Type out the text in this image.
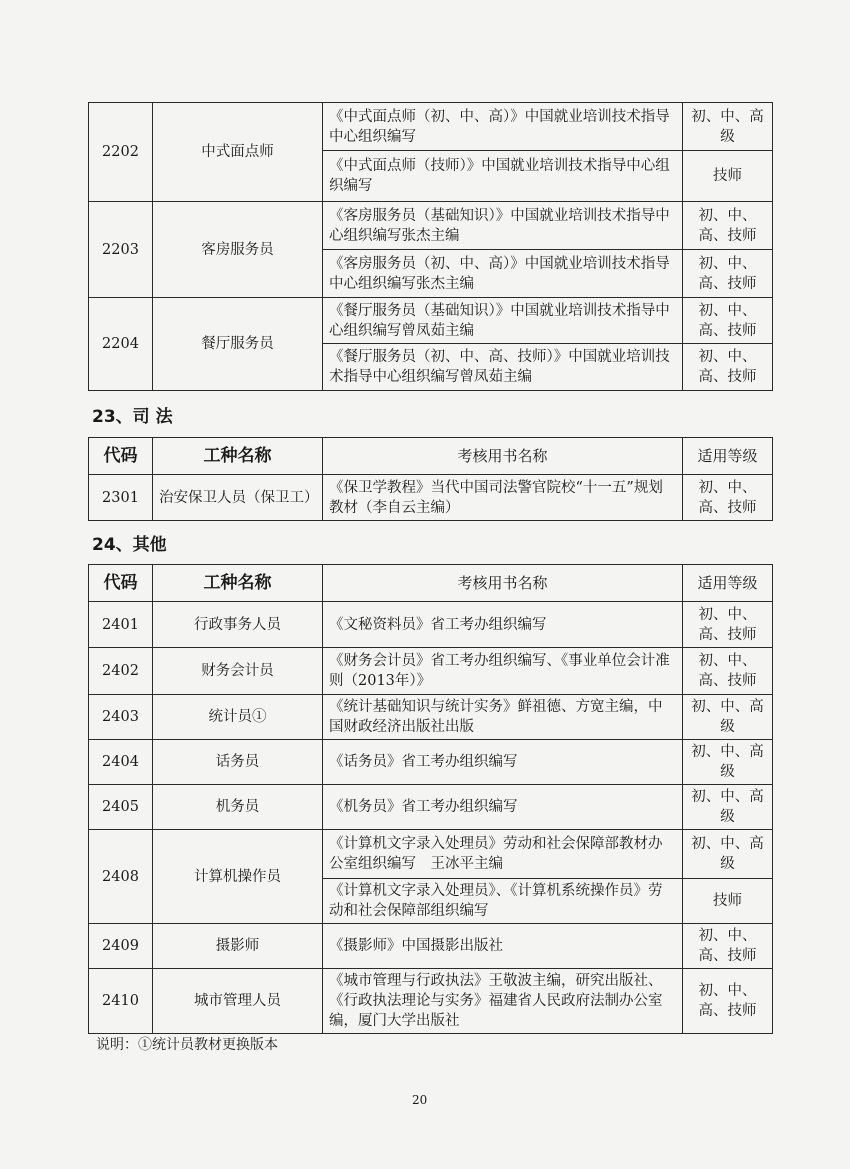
2202	中式面点师	《中式面点师（初、中、高）》中国就业培训技术指导中心组织编写	初、中、高级
		《中式面点师（技师）》中国就业培训技术指导中心组织编写	技师
2203	客房服务员	《客房服务员（基础知识）》中国就业培训技术指导中心组织编写张杰主编	初、中、高、技师
		《客房服务员（初、中、高）》中国就业培训技术指导中心组织编写张杰主编	初、中、高、技师
2204	餐厅服务员	《餐厅服务员（基础知识）》中国就业培训技术指导中心组织编写曾凤茹主编	初、中、高、技师
		《餐厅服务员（初、中、高、技师）》中国就业培训技术指导中心组织编写曾凤茹主编	初、中、高、技师
23、司 法
代码	工种名称	考核用书名称	适用等级
2301	治安保卫人员（保卫工）	《保卫学教程》当代中国司法警官院校“十一五”规划教材（李自云主编）	初、中、高、技师
24、其他
代码	工种名称	考核用书名称	适用等级
2401	行政事务人员	《文秘资料员》省工考办组织编写	初、中、高、技师
2402	财务会计员	《财务会计员》省工考办组织编写、《事业单位会计准则（2013年）》	初、中、高、技师
2403	统计员①	《统计基础知识与统计实务》鲜祖德、方宽主编，中国财政经济出版社出版	初、中、高级
2404	话务员	《话务员》省工考办组织编写	初、中、高级
2405	机务员	《机务员》省工考办组织编写	初、中、高级
2408	计算机操作员	《计算机文字录入处理员》劳动和社会保障部教材办公室组织编写　王冰平主编	初、中、高级
		《计算机文字录入处理员》、《计算机系统操作员》劳动和社会保障部组织编写	技师
2409	摄影师	《摄影师》中国摄影出版社	初、中、高、技师
2410	城市管理人员	《城市管理与行政执法》王敬波主编，研究出版社、《行政执法理论与实务》福建省人民政府法制办公室编，厦门大学出版社	初、中、高、技师
说明：①统计员教材更换版本
20
